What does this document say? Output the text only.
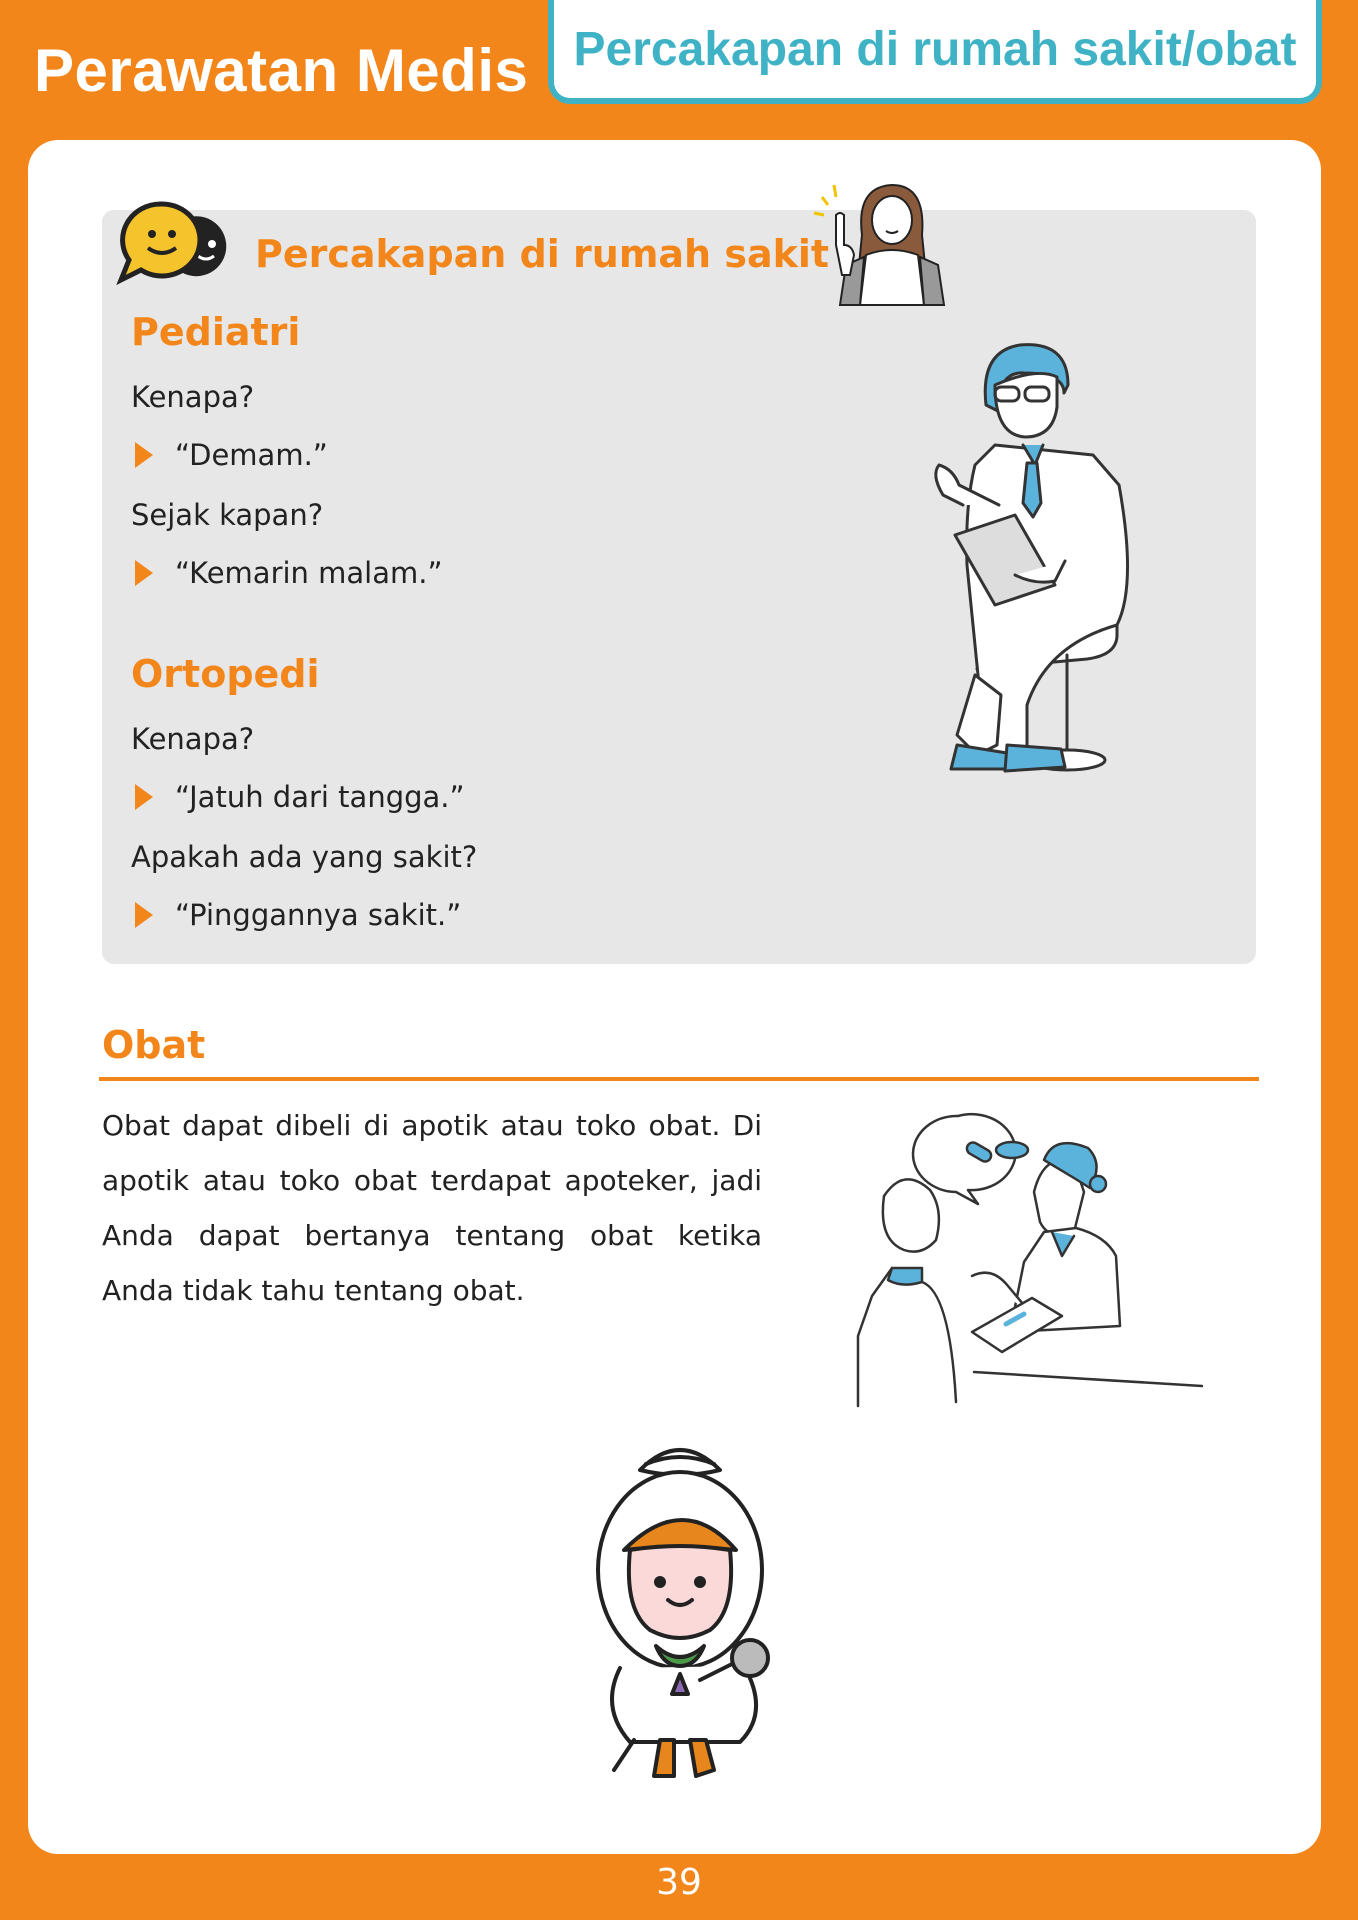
Perawatan Medis Percakapan di rumah sakit/obat
Percakapan di rumah sakit
Pediatri
Kenapa?
“Demam.”
Sejak kapan?
“Kemarin malam.”
Ortopedi
Kenapa?
“Jatuh dari tangga.”
Apakah ada yang sakit?
“Pinggannya sakit.”
Obat

Obat dapat dibeli di apotik atau toko obat. Di apotik atau toko obat terdapat apoteker, jadi Anda dapat bertanya tentang obat ketika Anda tidak tahu tentang obat.

39
